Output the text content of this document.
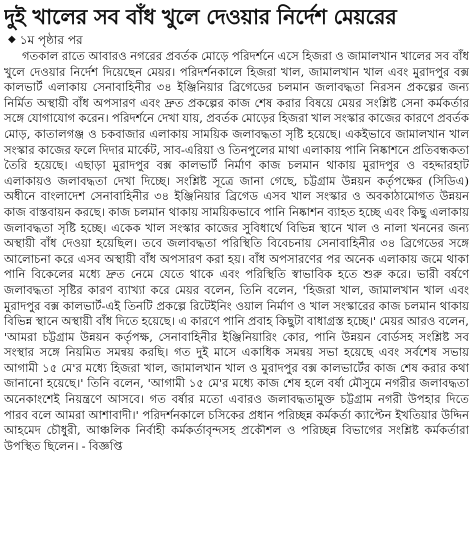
দুই খালের সব বাঁধ খুলে দেওয়ার নির্দেশ মেয়রের
◆ ১ম পৃষ্ঠার পর

গতকাল রাতে আবারও নগরের প্রবর্তক মোড়ে পরিদর্শনে এসে হিজরা ও জামালখান খালের সব বাঁধ খুলে দেওয়ার নির্দেশ দিয়েছেন মেয়র। পরিদর্শনকালে হিজরা খাল, জামালখান খাল এবং মুরাদপুর বক্স কালভার্ট এলাকায় সেনাবাহিনীর ৩৪ ইঞ্জিনিয়ার ব্রিগেডের চলমান জলাবদ্ধতা নিরসন প্রকল্পের জন্য নির্মিত অস্থায়ী বাঁধ অপসারণ এবং দ্রুত প্রকল্পের কাজ শেষ করার বিষয়ে মেয়র সংশ্লিষ্ট সেনা কর্মকর্তার সঙ্গে যোগাযোগ করেন। পরিদর্শনে দেখা যায়, প্রবর্তক মোড়ের হিজরা খাল সংস্কার কাজের কারণে প্রবর্তক মোড়, কাতালগঞ্জ ও চকবাজার এলাকায় সাময়িক জলাবদ্ধতা সৃষ্টি হয়েছে। একইভাবে জামালখান খাল সংস্কার কাজের ফলে দিদার মার্কেট, সাব-এরিয়া ও তিনপুলের মাথা এলাকায় পানি নিষ্কাশনে প্রতিবন্ধকতা তৈরি হয়েছে। এছাড়া মুরাদপুর বক্স কালভার্ট নির্মাণ কাজ চলমান থাকায় মুরাদপুর ও বহদ্দারহাট এলাকায়ও জলাবদ্ধতা দেখা দিচ্ছে। সংশ্লিষ্ট সূত্রে জানা গেছে, চট্টগ্রাম উন্নয়ন কর্তৃপক্ষের (সিডিএ) অধীনে বাংলাদেশ সেনাবাহিনীর ৩৪ ইঞ্জিনিয়ার ব্রিগেড এসব খাল সংস্কার ও অবকাঠামোগত উন্নয়ন কাজ বাস্তবায়ন করছে। কাজ চলমান থাকায় সাময়িকভাবে পানি নিষ্কাশন ব্যাহত হচ্ছে এবং কিছু এলাকায় জলাবদ্ধতা সৃষ্টি হচ্ছে। একেক খাল সংস্কার কাজের সুবিধার্থে বিভিন্ন স্থানে খাল ও নালা খননের জন্য অস্থায়ী বাঁধ দেওয়া হয়েছিল। তবে জলাবদ্ধতা পরিস্থিতি বিবেচনায় সেনাবাহিনীর ৩৪ ব্রিগেডের সঙ্গে আলোচনা করে এসব অস্থায়ী বাঁধ অপসারণ করা হয়। বাঁধ অপসারণের পর অনেক এলাকায় জমে থাকা পানি বিকেলের মধ্যে দ্রুত নেমে যেতে থাকে এবং পরিস্থিতি স্বাভাবিক হতে শুরু করে। ভারী বর্ষণে জলাবদ্ধতা সৃষ্টির কারণ ব্যাখ্যা করে মেয়র বলেন, তিনি বলেন, 'হিজরা খাল, জামালখান খাল এবং মুরাদপুর বক্স কালভার্ট-এই তিনটি প্রকল্পে রিটেইনিং ওয়াল নির্মাণ ও খাল সংস্কারের কাজ চলমান থাকায় বিভিন্ন স্থানে অস্থায়ী বাঁধ দিতে হয়েছে। এ কারণে পানি প্রবাহ কিছুটা বাধাগ্রস্ত হচ্ছে।' মেয়র আরও বলেন, 'আমরা চট্টগ্রাম উন্নয়ন কর্তৃপক্ষ, সেনাবাহিনীর ইঞ্জিনিয়ারিং কোর, পানি উন্নয়ন বোর্ডসহ সংশ্লিষ্ট সব সংস্থার সঙ্গে নিয়মিত সমন্বয় করছি। গত দুই মাসে একাধিক সমন্বয় সভা হয়েছে এবং সর্বশেষ সভায় আগামী ১৫ মে'র মধ্যে হিজরা খাল, জামালখান খাল ও মুরাদপুর বক্স কালভার্টের কাজ শেষ করার কথা জানানো হয়েছে।' তিনি বলেন, 'আগামী ১৫ মে'র মধ্যে কাজ শেষ হলে বর্ষা মৌসুমে নগরীর জলাবদ্ধতা অনেকাংশেই নিয়ন্ত্রণে আসবে। গত বর্ষার মতো এবারও জলাবদ্ধতামুক্ত চট্টগ্রাম নগরী উপহার দিতে পারব বলে আমরা আশাবাদী।' পরিদর্শনকালে চসিকের প্রধান পরিচ্ছন্ন কর্মকর্তা ক্যাপ্টেন ইখতিয়ার উদ্দিন আহমেদ চৌধুরী, আঞ্চলিক নির্বাহী কর্মকর্তাবৃন্দসহ প্রকৌশল ও পরিচ্ছন্ন বিভাগের সংশ্লিষ্ট কর্মকর্তারা উপস্থিত ছিলেন। - বিজ্ঞপ্তি
